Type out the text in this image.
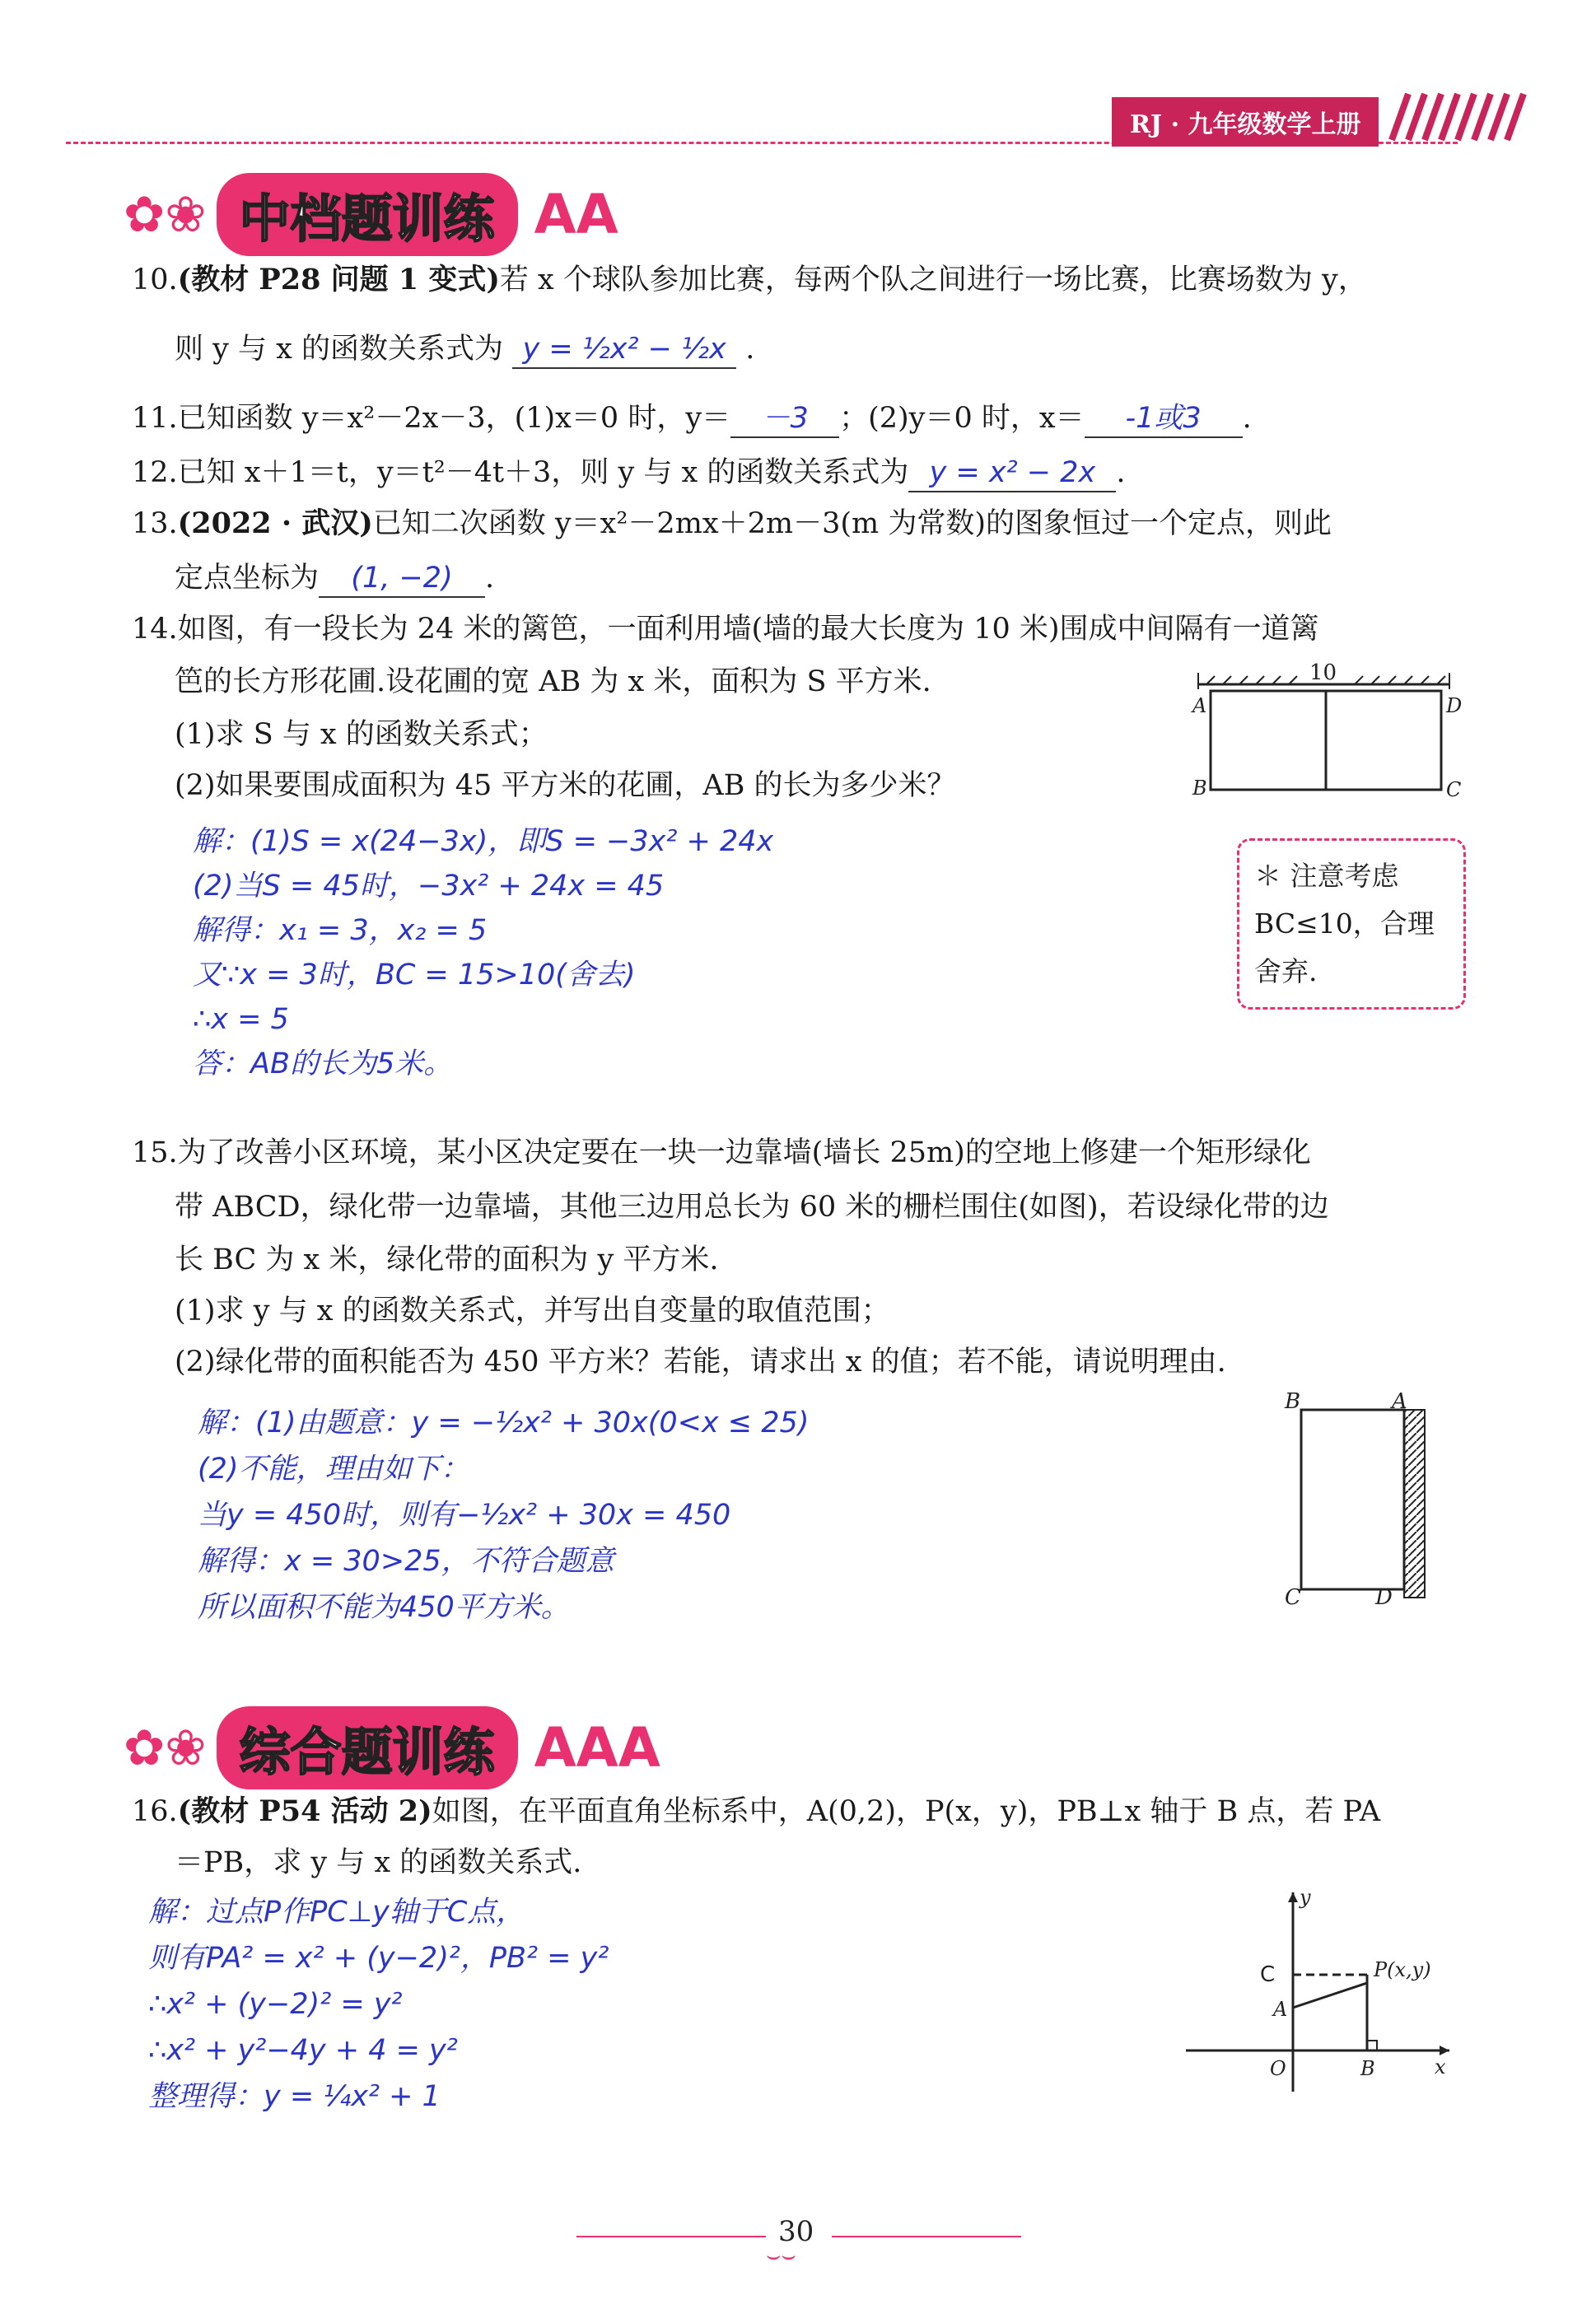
RJ · 九年级数学上册
✿❀ 中档题训练 AA
10.(教材 P28 问题 1 变式)若 x 个球队参加比赛，每两个队之间进行一场比赛，比赛场数为 y，
则 y 与 x 的函数关系式为 y = ½x² − ½x .
11.已知函数 y＝x²－2x－3，(1)x＝0 时，y＝ －3 ；(2)y＝0 时，x＝ -1或3 .
12.已知 x＋1＝t，y＝t²－4t＋3，则 y 与 x 的函数关系式为 y = x² − 2x .
13.(2022 · 武汉)已知二次函数 y＝x²－2mx＋2m－3(m 为常数)的图象恒过一个定点，则此
定点坐标为 (1, −2) .
14.如图，有一段长为 24 米的篱笆，一面利用墙(墙的最大长度为 10 米)围成中间隔有一道篱
笆的长方形花圃.设花圃的宽 AB 为 x 米，面积为 S 平方米.
(1)求 S 与 x 的函数关系式；
(2)如果要围成面积为 45 平方米的花圃，AB 的长为多少米？
解：(1)S = x(24−3x)，即S = −3x² + 24x
(2)当S = 45时，−3x² + 24x = 45
解得：x₁ = 3，x₂ = 5
又∵x = 3时，BC = 15>10(舍去)
∴x = 5
答：AB的长为5米。
10
A
B	C
D
＊ 注意考虑
BC≤10，合理
舍弃.
15.为了改善小区环境，某小区决定要在一块一边靠墙(墙长 25m)的空地上修建一个矩形绿化
带 ABCD，绿化带一边靠墙，其他三边用总长为 60 米的栅栏围住(如图)，若设绿化带的边
长 BC 为 x 米，绿化带的面积为 y 平方米.
(1)求 y 与 x 的函数关系式，并写出自变量的取值范围；
(2)绿化带的面积能否为 450 平方米？若能，请求出 x 的值；若不能，请说明理由.
解：(1)由题意：y = −½x² + 30x(0<x ≤ 25)
(2)不能，理由如下：
当y = 450时，则有−½x² + 30x = 450
解得：x = 30>25，不符合题意
所以面积不能为450平方米。
B	A
C	D
✿❀ 综合题训练 AAA
16.(教材 P54 活动 2)如图，在平面直角坐标系中，A(0,2)，P(x，y)，PB⊥x 轴于 B 点，若 PA
＝PB，求 y 与 x 的函数关系式.
解：过点P作PC⊥y轴于C点，
则有PA² = x² + (y−2)²，PB² = y²
∴x² + (y−2)² = y²
∴x² + y²−4y + 4 = y²
整理得：y = ¼x² + 1
y
x
O
A
B
C	P(x,y)
30
⌣⌣
